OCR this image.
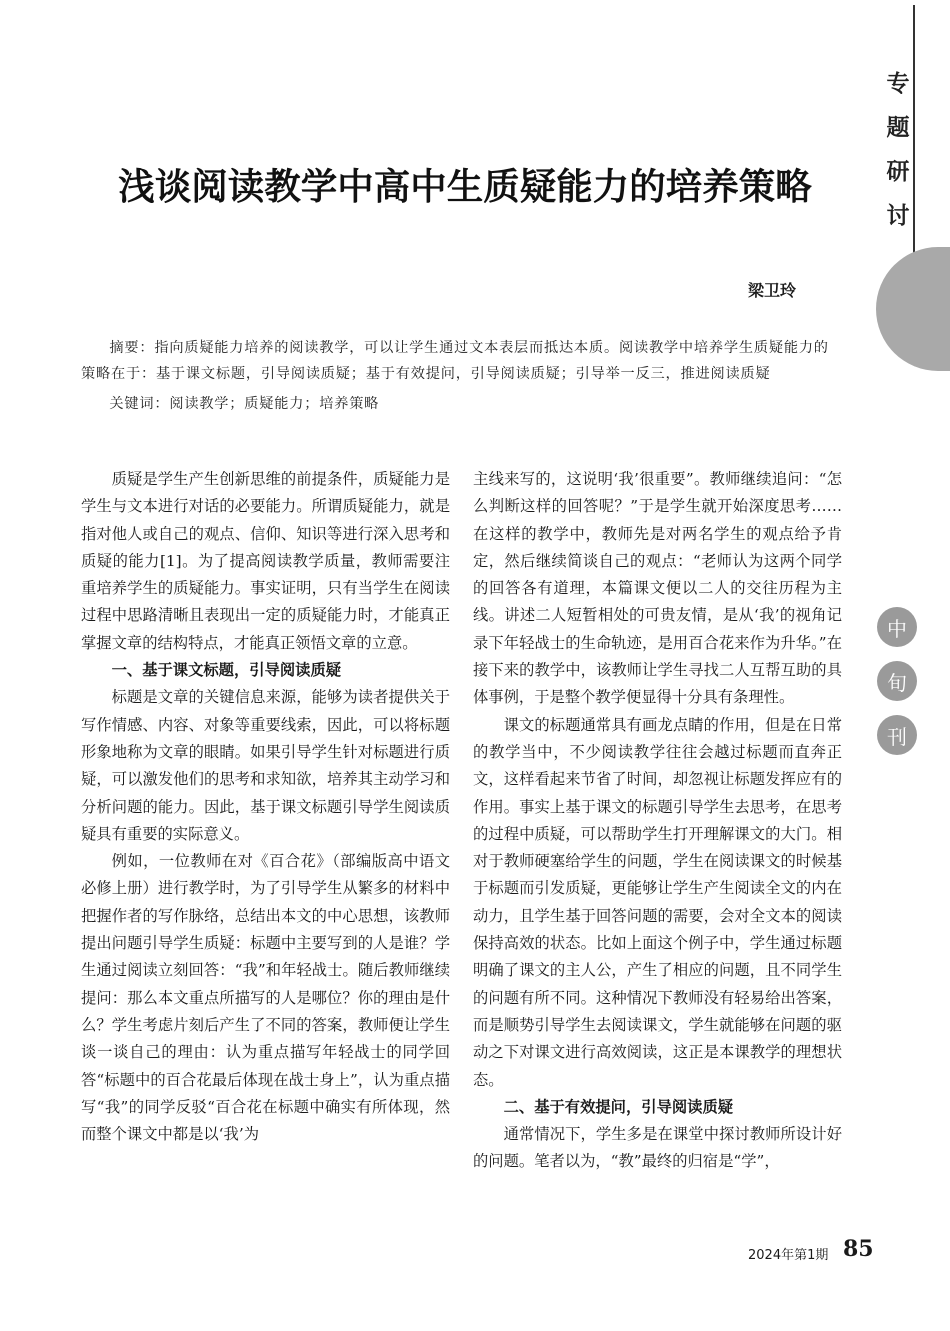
专
题
研
讨
中
旬
刊
浅谈阅读教学中高中生质疑能力的培养策略
梁卫玲

摘要：指向质疑能力培养的阅读教学，可以让学生通过文本表层而抵达本质。阅读教学中培养学生质疑能力的策略在于：基于课文标题，引导阅读质疑；基于有效提问，引导阅读质疑；引导举一反三，推进阅读质疑

关键词：阅读教学；质疑能力；培养策略

质疑是学生产生创新思维的前提条件，质疑能力是学生与文本进行对话的必要能力。所谓质疑能力，就是指对他人或自己的观点、信仰、知识等进行深入思考和质疑的能力[1]。为了提高阅读教学质量，教师需要注重培养学生的质疑能力。事实证明，只有当学生在阅读过程中思路清晰且表现出一定的质疑能力时，才能真正掌握文章的结构特点，才能真正领悟文章的立意。

一、基于课文标题，引导阅读质疑

标题是文章的关键信息来源，能够为读者提供关于写作情感、内容、对象等重要线索，因此，可以将标题形象地称为文章的眼睛。如果引导学生针对标题进行质疑，可以激发他们的思考和求知欲，培养其主动学习和分析问题的能力。因此，基于课文标题引导学生阅读质疑具有重要的实际意义。

例如，一位教师在对《百合花》（部编版高中语文必修上册）进行教学时，为了引导学生从繁多的材料中把握作者的写作脉络，总结出本文的中心思想，该教师提出问题引导学生质疑：标题中主要写到的人是谁？学生通过阅读立刻回答：“我”和年轻战士。随后教师继续提问：那么本文重点所描写的人是哪位？你的理由是什么？学生考虑片刻后产生了不同的答案，教师便让学生谈一谈自己的理由：认为重点描写年轻战士的同学回答“标题中的百合花最后体现在战士身上”，认为重点描写“我”的同学反驳“百合花在标题中确实有所体现，然而整个课文中都是以‘我’为

主线来写的，这说明‘我’很重要”。教师继续追问：“怎么判断这样的回答呢？”于是学生就开始深度思考……在这样的教学中，教师先是对两名学生的观点给予肯定，然后继续简谈自己的观点：“老师认为这两个同学的回答各有道理，本篇课文便以二人的交往历程为主线。讲述二人短暂相处的可贵友情，是从‘我’的视角记录下年轻战士的生命轨迹，是用百合花来作为升华。”在接下来的教学中，该教师让学生寻找二人互帮互助的具体事例，于是整个教学便显得十分具有条理性。

课文的标题通常具有画龙点睛的作用，但是在日常的教学当中，不少阅读教学往往会越过标题而直奔正文，这样看起来节省了时间，却忽视让标题发挥应有的作用。事实上基于课文的标题引导学生去思考，在思考的过程中质疑，可以帮助学生打开理解课文的大门。相对于教师硬塞给学生的问题，学生在阅读课文的时候基于标题而引发质疑，更能够让学生产生阅读全文的内在动力，且学生基于回答问题的需要，会对全文本的阅读保持高效的状态。比如上面这个例子中，学生通过标题明确了课文的主人公，产生了相应的问题，且不同学生的问题有所不同。这种情况下教师没有轻易给出答案，而是顺势引导学生去阅读课文，学生就能够在问题的驱动之下对课文进行高效阅读，这正是本课教学的理想状态。

二、基于有效提问，引导阅读质疑

通常情况下，学生多是在课堂中探讨教师所设计好的问题。笔者以为，“教”最终的归宿是“学”，

2024年第1期 85
